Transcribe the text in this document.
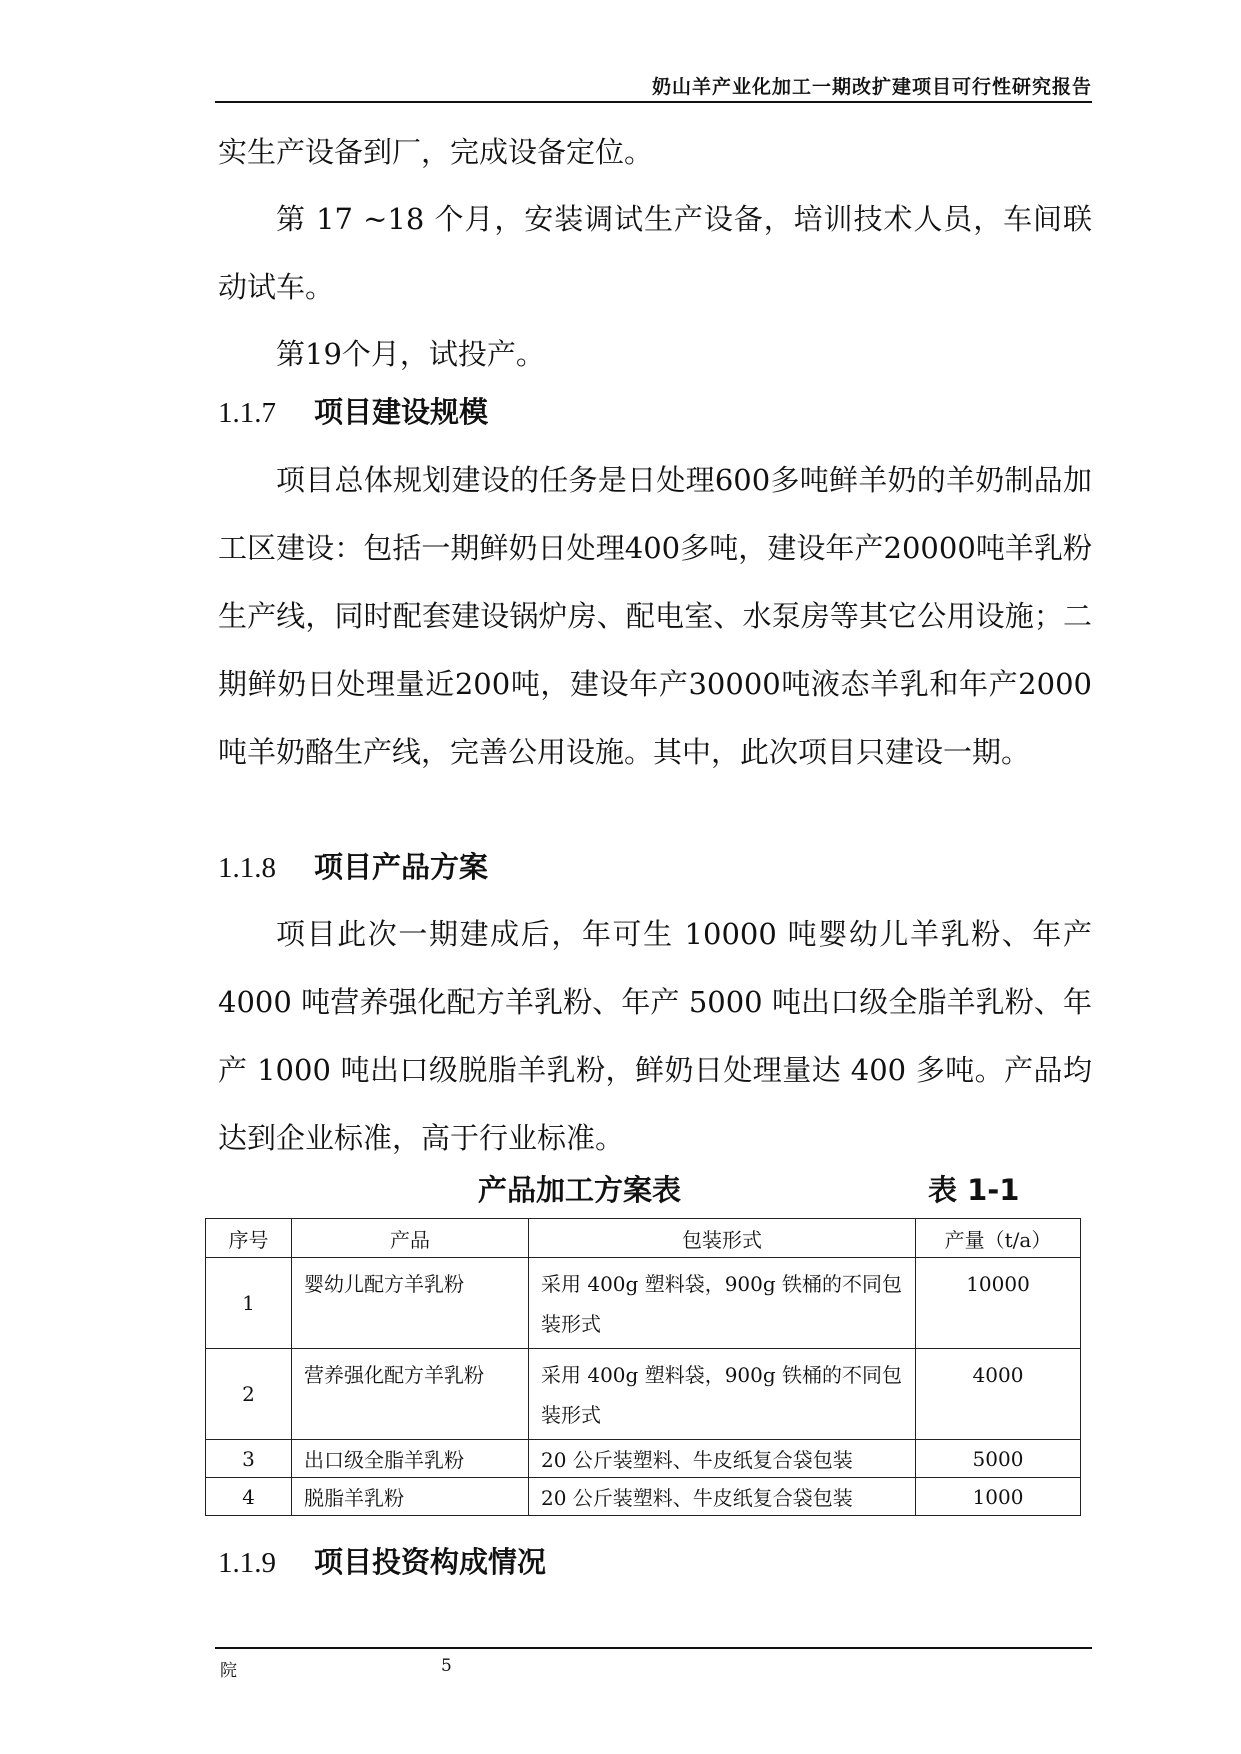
奶山羊产业化加工一期改扩建项目可行性研究报告

实生产设备到厂，完成设备定位。

第 17 ~18 个月，安装调试生产设备，培训技术人员，车间联动试车。

第19个月，试投产。

1.1.7 项目建设规模

项目总体规划建设的任务是日处理600多吨鲜羊奶的羊奶制品加工区建设：包括一期鲜奶日处理400多吨，建设年产20000吨羊乳粉生产线，同时配套建设锅炉房、配电室、水泵房等其它公用设施；二期鲜奶日处理量近200吨，建设年产30000吨液态羊乳和年产2000吨羊奶酪生产线，完善公用设施。其中，此次项目只建设一期。

1.1.8 项目产品方案

项目此次一期建成后，年可生 10000 吨婴幼儿羊乳粉、年产 4000 吨营养强化配方羊乳粉、年产 5000 吨出口级全脂羊乳粉、年产 1000 吨出口级脱脂羊乳粉，鲜奶日处理量达 400 多吨。产品均达到企业标准，高于行业标准。

产品加工方案表	表 1-1
序号	产品	包装形式	产量（t/a）
1	婴幼儿配方羊乳粉	采用 400g 塑料袋，900g 铁桶的不同包装形式	10000
2	营养强化配方羊乳粉	采用 400g 塑料袋，900g 铁桶的不同包装形式	4000
3	出口级全脂羊乳粉	20 公斤装塑料、牛皮纸复合袋包装	5000
4	脱脂羊乳粉	20 公斤装塑料、牛皮纸复合袋包装	1000
1.1.9 项目投资构成情况
院	5
